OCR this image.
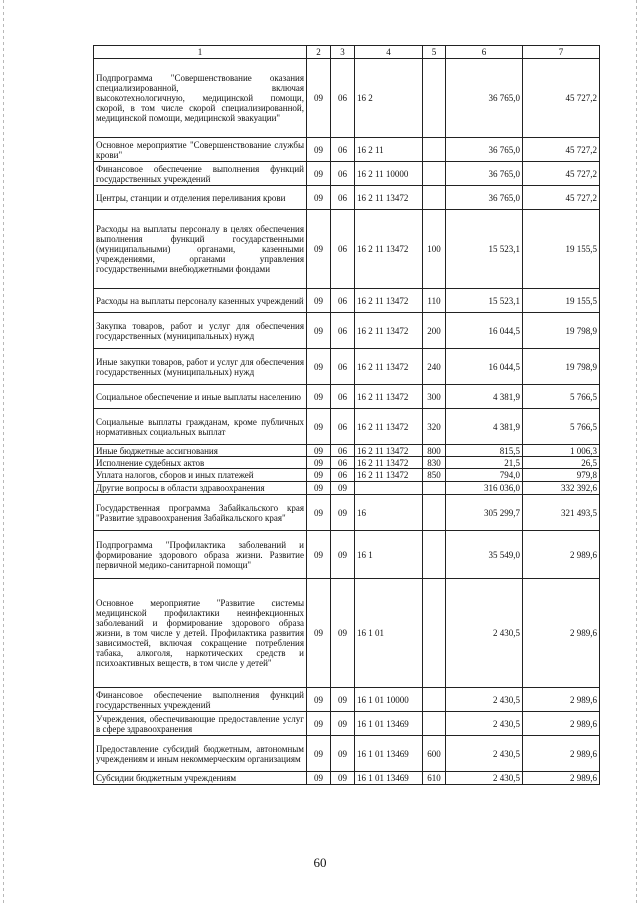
1	2	3	4	5	6	7
Подпрограмма "Совершенствование оказания специализированной, включая высокотехнологичную, медицинской помощи, скорой, в том числе скорой специализированной, медицинской помощи, медицинской эвакуации"	09	06	16 2		36 765,0	45 727,2
Основное мероприятие "Совершенствование службы крови"	09	06	16 2 11		36 765,0	45 727,2
Финансовое обеспечение выполнения функций государственных учреждений	09	06	16 2 11 10000		36 765,0	45 727,2
Центры, станции и отделения переливания крови	09	06	16 2 11 13472		36 765,0	45 727,2
Расходы на выплаты персоналу в целях обеспечения выполнения функций государственными (муниципальными) органами, казенными учреждениями, органами управления государственными внебюджетными фондами	09	06	16 2 11 13472	100	15 523,1	19 155,5
Расходы на выплаты персоналу казенных учреждений	09	06	16 2 11 13472	110	15 523,1	19 155,5
Закупка товаров, работ и услуг для обеспечения государственных (муниципальных) нужд	09	06	16 2 11 13472	200	16 044,5	19 798,9
Иные закупки товаров, работ и услуг для обеспечения государственных (муниципальных) нужд	09	06	16 2 11 13472	240	16 044,5	19 798,9
Социальное обеспечение и иные выплаты населению	09	06	16 2 11 13472	300	4 381,9	5 766,5
Социальные выплаты гражданам, кроме публичных нормативных социальных выплат	09	06	16 2 11 13472	320	4 381,9	5 766,5
Иные бюджетные ассигнования	09	06	16 2 11 13472	800	815,5	1 006,3
Исполнение судебных актов	09	06	16 2 11 13472	830	21,5	26,5
Уплата налогов, сборов и иных платежей	09	06	16 2 11 13472	850	794,0	979,8
Другие вопросы в области здравоохранения	09	09			316 036,0	332 392,6
Государственная программа Забайкальского края "Развитие здравоохранения Забайкальского края"	09	09	16		305 299,7	321 493,5
Подпрограмма "Профилактика заболеваний и формирование здорового образа жизни. Развитие первичной медико-санитарной помощи"	09	09	16 1		35 549,0	2 989,6
Основное мероприятие "Развитие системы медицинской профилактики неинфекционных заболеваний и формирование здорового образа жизни, в том числе у детей. Профилактика развития зависимостей, включая сокращение потребления табака, алкоголя, наркотических средств и психоактивных веществ, в том числе у детей"	09	09	16 1 01		2 430,5	2 989,6
Финансовое обеспечение выполнения функций государственных учреждений	09	09	16 1 01 10000		2 430,5	2 989,6
Учреждения, обеспечивающие предоставление услуг в сфере здравоохранения	09	09	16 1 01 13469		2 430,5	2 989,6
Предоставление субсидий бюджетным, автономным учреждениям и иным некоммерческим организациям	09	09	16 1 01 13469	600	2 430,5	2 989,6
Субсидии бюджетным учреждениям	09	09	16 1 01 13469	610	2 430,5	2 989,6
60
